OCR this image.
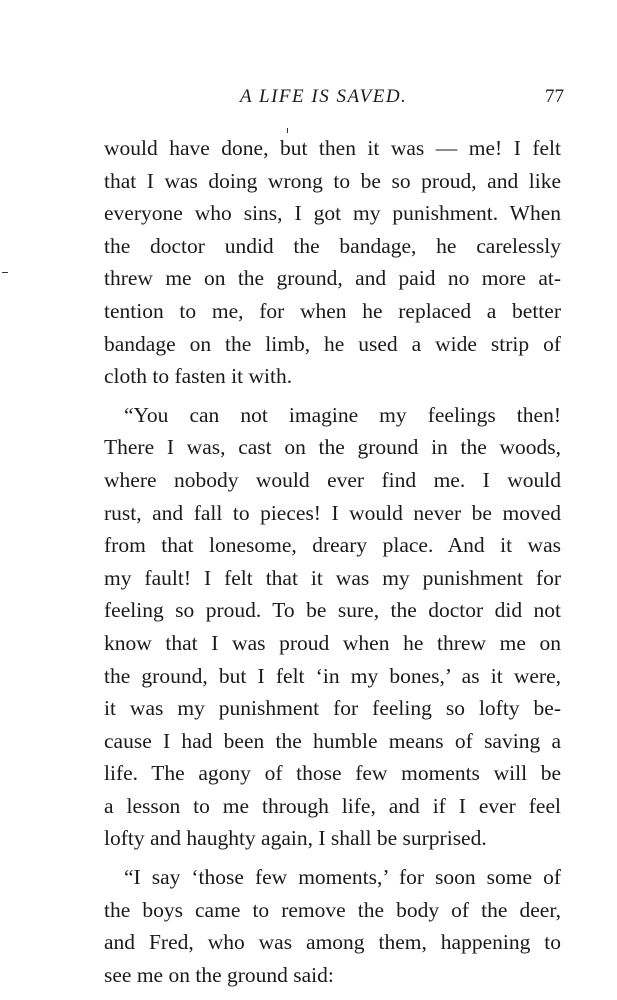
A LIFE IS SAVED.	77
would have done, but then it was — me! I felt
that I was doing wrong to be so proud, and like
everyone who sins, I got my punishment. When
the doctor undid the bandage, he carelessly
threw me on the ground, and paid no more at-
tention to me, for when he replaced a better
bandage on the limb, he used a wide strip of
cloth to fasten it with.
“You can not imagine my feelings then!
There I was, cast on the ground in the woods,
where nobody would ever find me. I would
rust, and fall to pieces! I would never be moved
from that lonesome, dreary place. And it was
my fault! I felt that it was my punishment for
feeling so proud. To be sure, the doctor did not
know that I was proud when he threw me on
the ground, but I felt ‘in my bones,’ as it were,
it was my punishment for feeling so lofty be-
cause I had been the humble means of saving a
life. The agony of those few moments will be
a lesson to me through life, and if I ever feel
lofty and haughty again, I shall be surprised.
“I say ‘those few moments,’ for soon some of
the boys came to remove the body of the deer,
and Fred, who was among them, happening to
see me on the ground said:
